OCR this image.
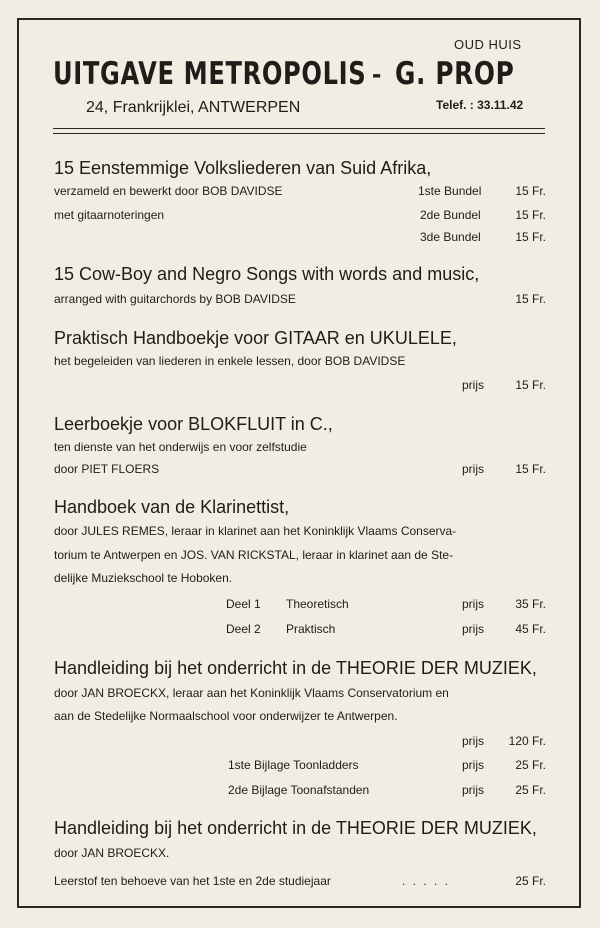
OUD HUIS
UITGAVE METROPOLIS - G. PROP
24, Frankrijklei, ANTWERPEN	Telef. : 33.11.42
15 Eenstemmige Volksliederen van Suid Afrika,
verzameld en bewerkt door BOB DAVIDSE
met gitaarnoteringen
1ste Bundel	15 Fr.
2de Bundel	15 Fr.
3de Bundel	15 Fr.
15 Cow-Boy and Negro Songs with words and music,
arranged with guitarchords by BOB DAVIDSE	15 Fr.
Praktisch Handboekje voor GITAAR en UKULELE,
het begeleiden van liederen in enkele lessen, door BOB DAVIDSE
prijs	15 Fr.
Leerboekje voor BLOKFLUIT in C.,
ten dienste van het onderwijs en voor zelfstudie
door PIET FLOERS	prijs	15 Fr.
Handboek van de Klarinettist,
door JULES REMES, leraar in klarinet aan het Koninklijk Vlaams Conserva-
torium te Antwerpen en JOS. VAN RICKSTAL, leraar in klarinet aan de Ste-
delijke Muziekschool te Hoboken.
Deel 1 Theoretisch	prijs	35 Fr.
Deel 2 Praktisch	prijs	45 Fr.
Handleiding bij het onderricht in de THEORIE DER MUZIEK,
door JAN BROECKX, leraar aan het Koninklijk Vlaams Conservatorium en
aan de Stedelijke Normaalschool voor onderwijzer te Antwerpen.
prijs	120 Fr.
1ste Bijlage Toonladders	prijs	25 Fr.
2de Bijlage Toonafstanden	prijs	25 Fr.
Handleiding bij het onderricht in de THEORIE DER MUZIEK,
door JAN BROECKX.
Leerstof ten behoeve van het 1ste en 2de studiejaar	. . . . .	25 Fr.
